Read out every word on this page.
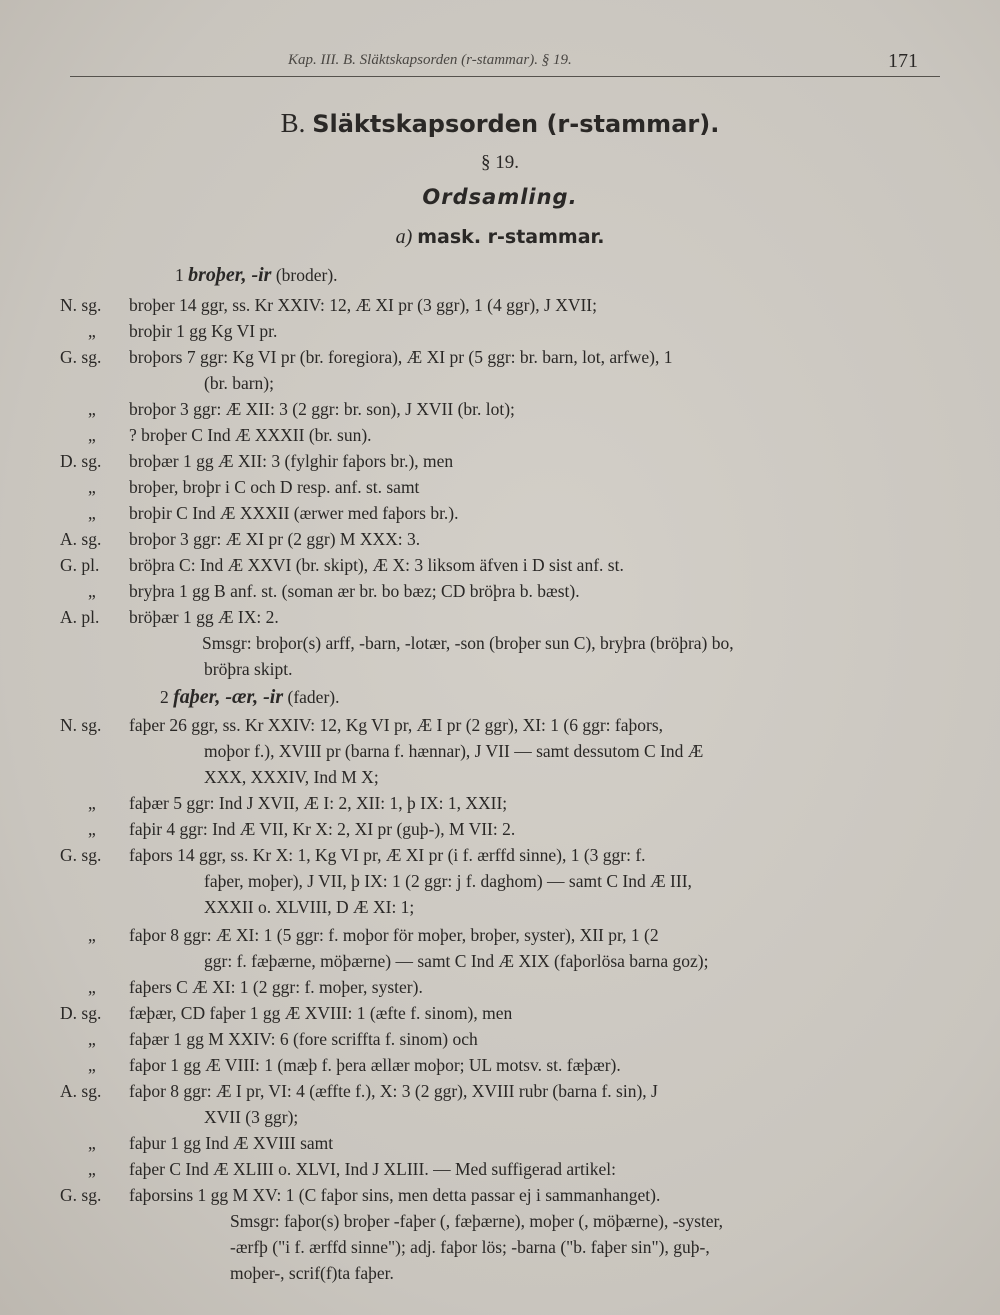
Kap. III. B. Släktskapsorden (r-stammar). § 19.	171
B. Släktskapsorden (r-stammar).
§ 19.
Ordsamling.
a) mask. r-stammar.
1 broþer, -ir (broder).
N. sg. broþer 14 ggr, ss. Kr XXIV: 12, Æ XI pr (3 ggr), 1 (4 ggr), J XVII;
„ broþir 1 gg Kg VI pr.
G. sg. broþors 7 ggr: Kg VI pr (br. foregiora), Æ XI pr (5 ggr: br. barn, lot, arfwe), 1
(br. barn);
„ broþor 3 ggr: Æ XII: 3 (2 ggr: br. son), J XVII (br. lot);
„ ? broþer C Ind Æ XXXII (br. sun).
D. sg. broþær 1 gg Æ XII: 3 (fylghir faþors br.), men
„ broþer, broþr i C och D resp. anf. st. samt
„ broþir C Ind Æ XXXII (ærwer med faþors br.).
A. sg. broþor 3 ggr: Æ XI pr (2 ggr) M XXX: 3.
G. pl. bröþra C: Ind Æ XXVI (br. skipt), Æ X: 3 liksom äfven i D sist anf. st.
„ bryþra 1 gg B anf. st. (soman ær br. bo bæz; CD bröþra b. bæst).
A. pl. bröþær 1 gg Æ IX: 2.
Smsgr: broþor(s) arff, -barn, -lotær, -son (broþer sun C), bryþra (bröþra) bo,
bröþra skipt.
2 faþer, -ær, -ir (fader).
N. sg. faþer 26 ggr, ss. Kr XXIV: 12, Kg VI pr, Æ I pr (2 ggr), XI: 1 (6 ggr: faþors,
moþor f.), XVIII pr (barna f. hænnar), J VII — samt dessutom C Ind Æ
XXX, XXXIV, Ind M X;
„ faþær 5 ggr: Ind J XVII, Æ I: 2, XII: 1, þ IX: 1, XXII;
„ faþir 4 ggr: Ind Æ VII, Kr X: 2, XI pr (guþ-), M VII: 2.
G. sg. faþors 14 ggr, ss. Kr X: 1, Kg VI pr, Æ XI pr (i f. ærffd sinne), 1 (3 ggr: f.
faþer, moþer), J VII, þ IX: 1 (2 ggr: j f. daghom) — samt C Ind Æ III,
XXXII o. XLVIII, D Æ XI: 1;
„ faþor 8 ggr: Æ XI: 1 (5 ggr: f. moþor för moþer, broþer, syster), XII pr, 1 (2
ggr: f. fæþærne, möþærne) — samt C Ind Æ XIX (faþorlösa barna goz);
„ faþers C Æ XI: 1 (2 ggr: f. moþer, syster).
D. sg. fæþær, CD faþer 1 gg Æ XVIII: 1 (æfte f. sinom), men
„ faþær 1 gg M XXIV: 6 (fore scriffta f. sinom) och
„ faþor 1 gg Æ VIII: 1 (mæþ f. þera ællær moþor; UL motsv. st. fæþær).
A. sg. faþor 8 ggr: Æ I pr, VI: 4 (æffte f.), X: 3 (2 ggr), XVIII rubr (barna f. sin), J
XVII (3 ggr);
„ faþur 1 gg Ind Æ XVIII samt
„ faþer C Ind Æ XLIII o. XLVI, Ind J XLIII. — Med suffigerad artikel:
G. sg. faþorsins 1 gg M XV: 1 (C faþor sins, men detta passar ej i sammanhanget).
Smsgr: faþor(s) broþer -faþer (, fæþærne), moþer (, möþærne), -syster,
-ærfþ ("i f. ærffd sinne"); adj. faþor lös; -barna ("b. faþer sin"), guþ-,
moþer-, scrif(f)ta faþer.
